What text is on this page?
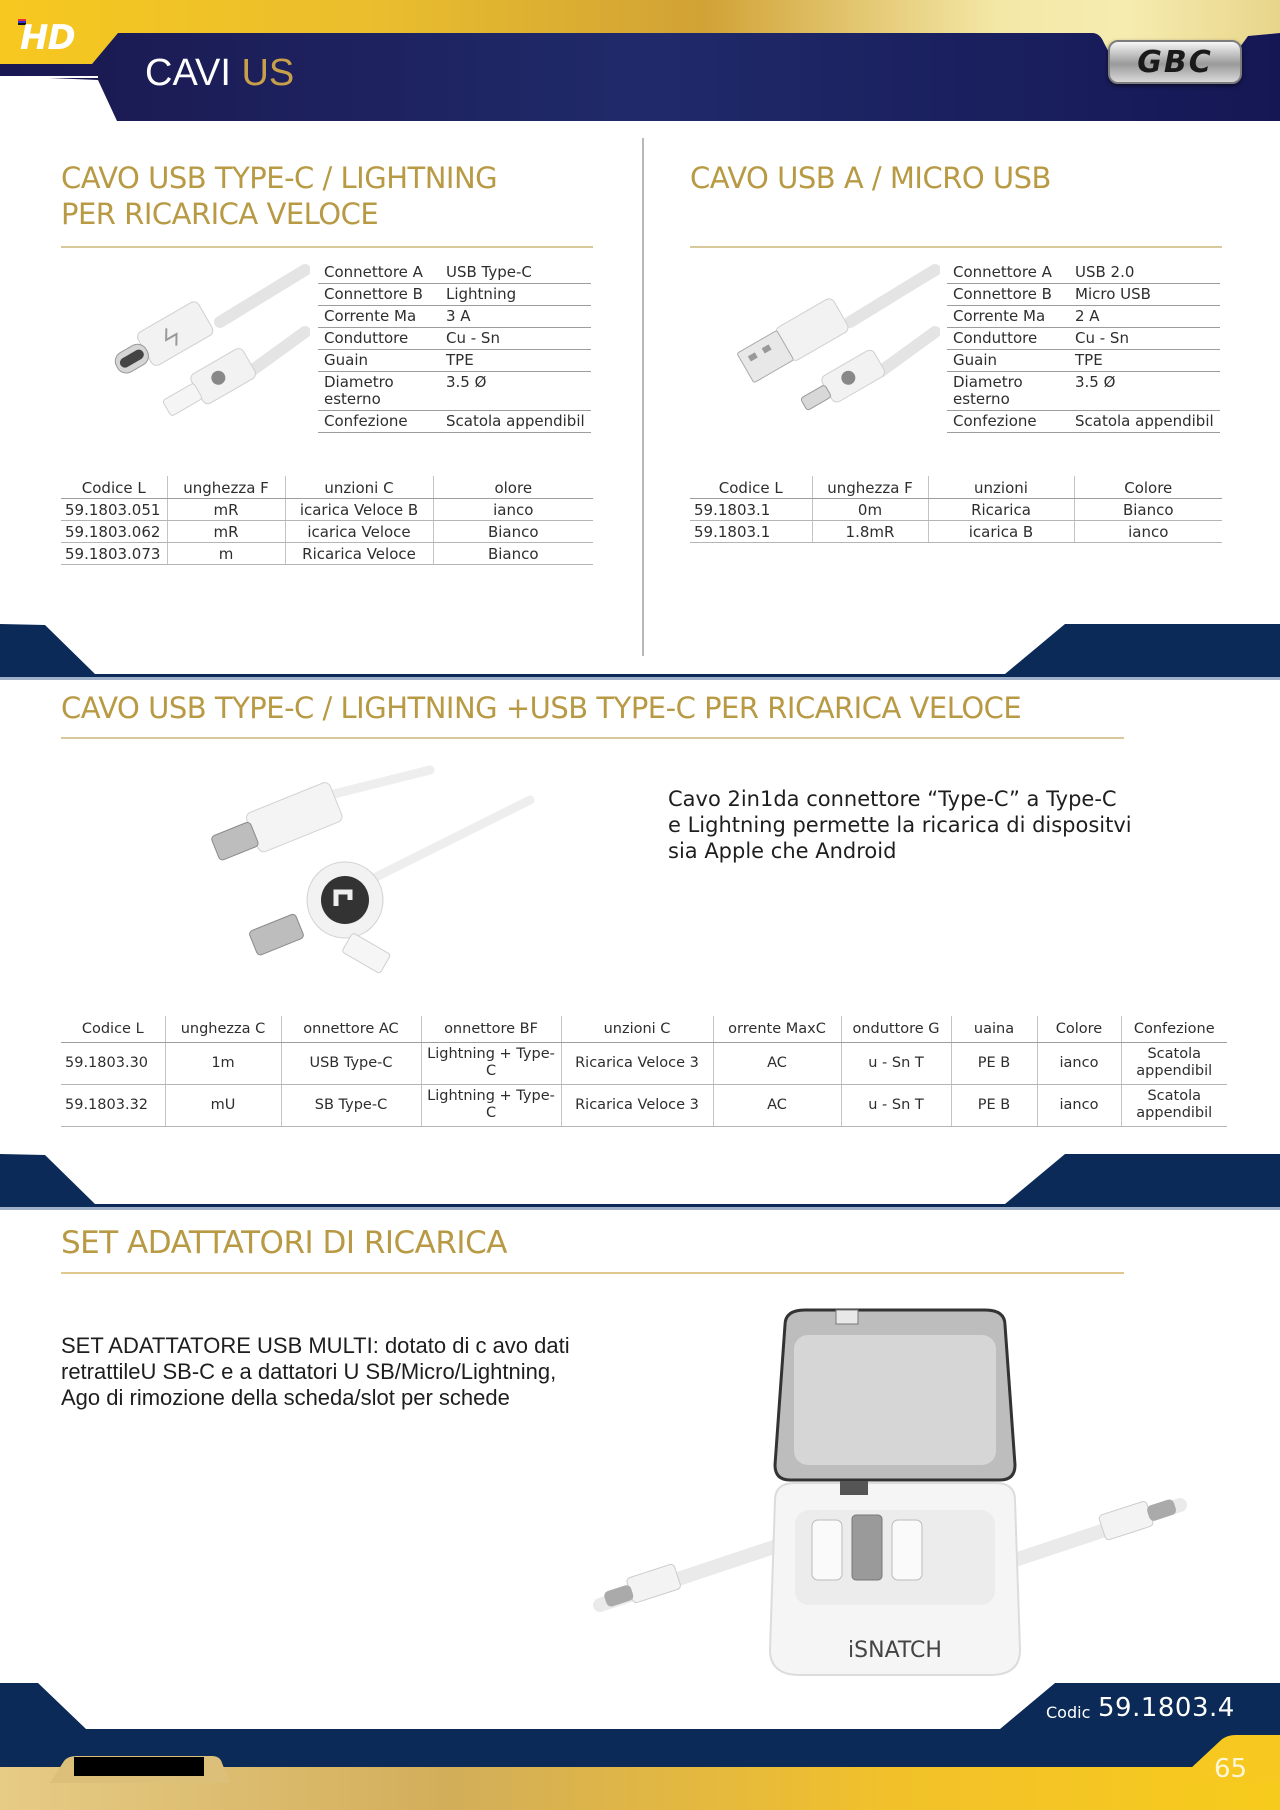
HD
CAVI US	GBC
CAVO USB TYPE-C / LIGHTNING
PER RICARICA VELOCE
Connettore A	USB Type-C
Connettore B	Lightning
Corrente Ma	3 A
Conduttore	Cu - Sn
Guain	TPE
Diametro esterno	3.5 Ø
Confezione	Scatola appendibil
Codice L	unghezza F	unzioni C	olore
59.1803.051	mR	icarica Veloce B	ianco
59.1803.062	mR	icarica Veloce	Bianco
59.1803.073	m	Ricarica Veloce	Bianco
CAVO USB A / MICRO USB
Connettore A	USB 2.0
Connettore B	Micro USB
Corrente Ma	2 A
Conduttore	Cu - Sn
Guain	TPE
Diametro esterno	3.5 Ø
Confezione	Scatola appendibil
Codice L	unghezza F	unzioni	Colore
59.1803.1	0m	Ricarica	Bianco
59.1803.1	1.8mR	icarica B	ianco
CAVO USB TYPE-C / LIGHTNING +USB TYPE-C PER RICARICA VELOCE
Cavo 2in1da connettore “Type-C” a Type-C
e Lightning permette la ricarica di dispositvi
sia Apple che Android
Codice L	unghezza C	onnettore AC	onnettore BF	unzioni C	orrente MaxC	onduttore G	uaina	Colore	Confezione
59.1803.30	1m	USB Type-C	Lightning + Type-C	Ricarica Veloce 3	AC	u - Sn T	PE B	ianco	Scatola appendibil
59.1803.32	mU	SB Type-C	Lightning + Type-C	Ricarica Veloce 3	AC	u - Sn T	PE B	ianco	Scatola appendibil
SET ADATTATORI DI RICARICA
SET ADATTATORE USB MULTI: dotato di c avo dati
retrattileU SB-C e a dattatori U SB/Micro/Lightning,
Ago di rimozione della scheda/slot per schede
iSNATCH
Codic 59.1803.4
65
